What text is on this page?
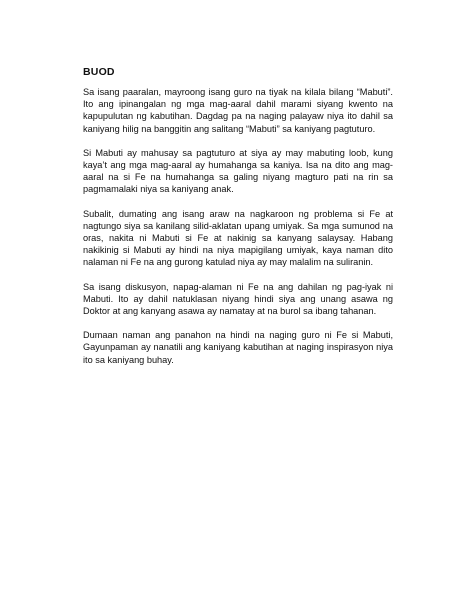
BUOD

Sa isang paaralan, mayroong isang guro na tiyak na kilala bilang “Mabuti”. Ito ang ipinangalan ng mga mag-aaral dahil marami siyang kwento na kapupulutan ng kabutihan. Dagdag pa na naging palayaw niya ito dahil sa kaniyang hilig na banggitin ang salitang “Mabuti” sa kaniyang pagtuturo.

Si Mabuti ay mahusay sa pagtuturo at siya ay may mabuting loob, kung kaya’t ang mga mag-aaral ay humahanga sa kaniya. Isa na dito ang mag-aaral na si Fe na humahanga sa galing niyang magturo pati na rin sa pagmamalaki niya sa kaniyang anak.

Subalit, dumating ang isang araw na nagkaroon ng problema si Fe at nagtungo siya sa kanilang silid-aklatan upang umiyak. Sa mga sumunod na oras, nakita ni Mabuti si Fe at nakinig sa kanyang salaysay. Habang nakikinig si Mabuti ay hindi na niya mapigilang umiyak, kaya naman dito nalaman ni Fe na ang gurong katulad niya ay may malalim na suliranin.

Sa isang diskusyon, napag-alaman ni Fe na ang dahilan ng pag-iyak ni Mabuti. Ito ay dahil natuklasan niyang hindi siya ang unang asawa ng Doktor at ang kanyang asawa ay namatay at na burol sa ibang tahanan.

Dumaan naman ang panahon na hindi na naging guro ni Fe si Mabuti, Gayunpaman ay nanatili ang kaniyang kabutihan at naging inspirasyon niya ito sa kaniyang buhay.
